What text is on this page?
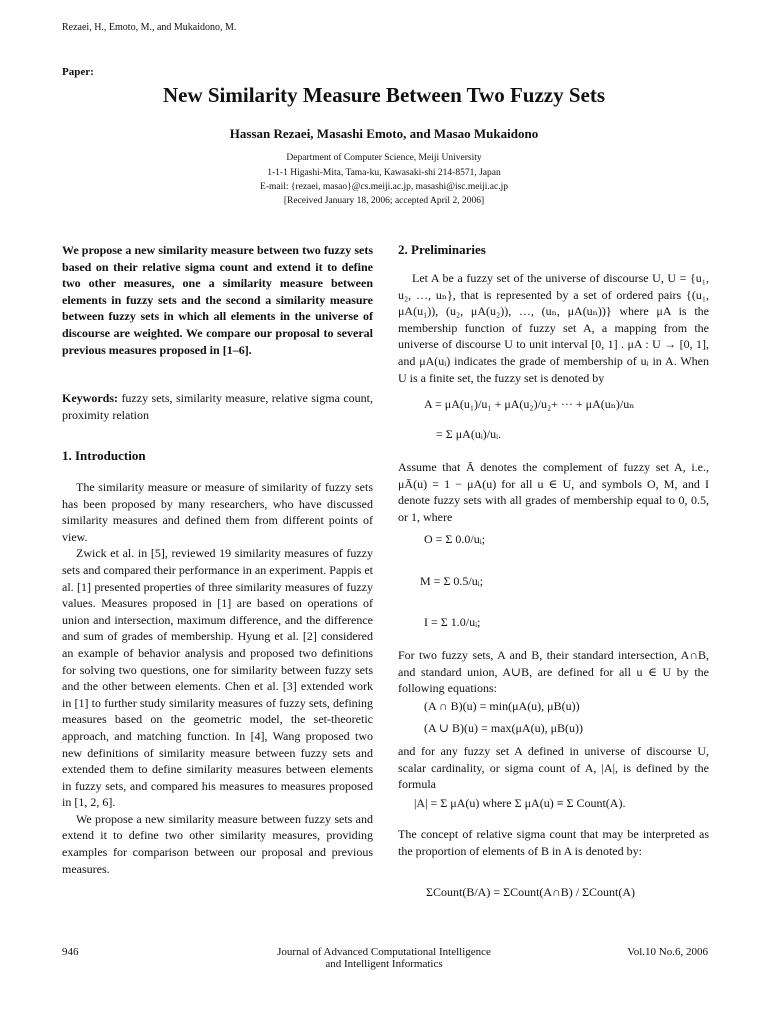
Rezaei, H., Emoto, M., and Mukaidono, M.
Paper:
New Similarity Measure Between Two Fuzzy Sets
Hassan Rezaei, Masashi Emoto, and Masao Mukaidono
Department of Computer Science, Meiji University
1-1-1 Higashi-Mita, Tama-ku, Kawasaki-shi 214-8571, Japan
E-mail: {rezaei, masao}@cs.meiji.ac.jp, masashi@isc.meiji.ac.jp
[Received January 18, 2006; accepted April 2, 2006]
We propose a new similarity measure between two fuzzy sets based on their relative sigma count and extend it to define two other measures, one a similarity measure between elements in fuzzy sets and the second a similarity measure between fuzzy sets in which all elements in the universe of discourse are weighted. We compare our proposal to several previous measures proposed in [1–6].
Keywords: fuzzy sets, similarity measure, relative sigma count, proximity relation
1. Introduction

The similarity measure or measure of similarity of fuzzy sets has been proposed by many researchers, who have discussed similarity measures and defined them from different points of view.

Zwick et al. in [5], reviewed 19 similarity measures of fuzzy sets and compared their performance in an experiment. Pappis et al. [1] presented properties of three similarity measures of fuzzy values. Measures proposed in [1] are based on operations of union and intersection, maximum difference, and the difference and sum of grades of membership. Hyung et al. [2] considered an example of behavior analysis and proposed two definitions for solving two questions, one for similarity between fuzzy sets and the other between elements. Chen et al. [3] extended work in [1] to further study similarity measures of fuzzy sets, defining measures based on the geometric model, the set-theoretic approach, and matching function. In [4], Wang proposed two new definitions of similarity measure between fuzzy sets and extended them to define similarity measures between elements in fuzzy sets, and compared his measures to measures proposed in [1, 2, 6].

We propose a new similarity measure between fuzzy sets and extend it to define two other similarity measures, providing examples for comparison between our proposal and previous measures.

2. Preliminaries
Let A be a fuzzy set of the universe of discourse U, U = {u₁, u₂, …, uₙ}, that is represented by a set of ordered pairs {(u₁, μA(u₁)), (u₂, μA(u₂)), …, (uₙ, μA(uₙ))} where μA is the membership function of fuzzy set A, a mapping from the universe of discourse U to unit interval [0, 1] . μA : U → [0, 1], and μA(uᵢ) indicates the grade of membership of uᵢ in A. When U is a finite set, the fuzzy set is denoted by
A = μA(u₁)/u₁ + μA(u₂)/u₂+ ··· + μA(uₙ)/uₙ
= Σ μA(uᵢ)/uᵢ.
Assume that Ā denotes the complement of fuzzy set A, i.e., μĀ(u) = 1 − μA(u) for all u ∈ U, and symbols O, M, and I denote fuzzy sets with all grades of membership equal to 0, 0.5, or 1, where
O = Σ 0.0/uᵢ;
M = Σ 0.5/uᵢ;
I = Σ 1.0/uᵢ;
For two fuzzy sets, A and B, their standard intersection, A∩B, and standard union, A∪B, are defined for all u ∈ U by the following equations:
(A ∩ B)(u) = min(μA(u), μB(u))
(A ∪ B)(u) = max(μA(u), μB(u))
and for any fuzzy set A defined in universe of discourse U, scalar cardinality, or sigma count of A, |A|, is defined by the formula
|A| = Σ μA(u) where Σ μA(u) ≡ Σ Count(A).
The concept of relative sigma count that may be interpreted as the proportion of elements of B in A is denoted by:
ΣCount(B/A) = ΣCount(A∩B) / ΣCount(A)
946	Journal of Advanced Computational Intelligence
and Intelligent Informatics
Vol.10 No.6, 2006
